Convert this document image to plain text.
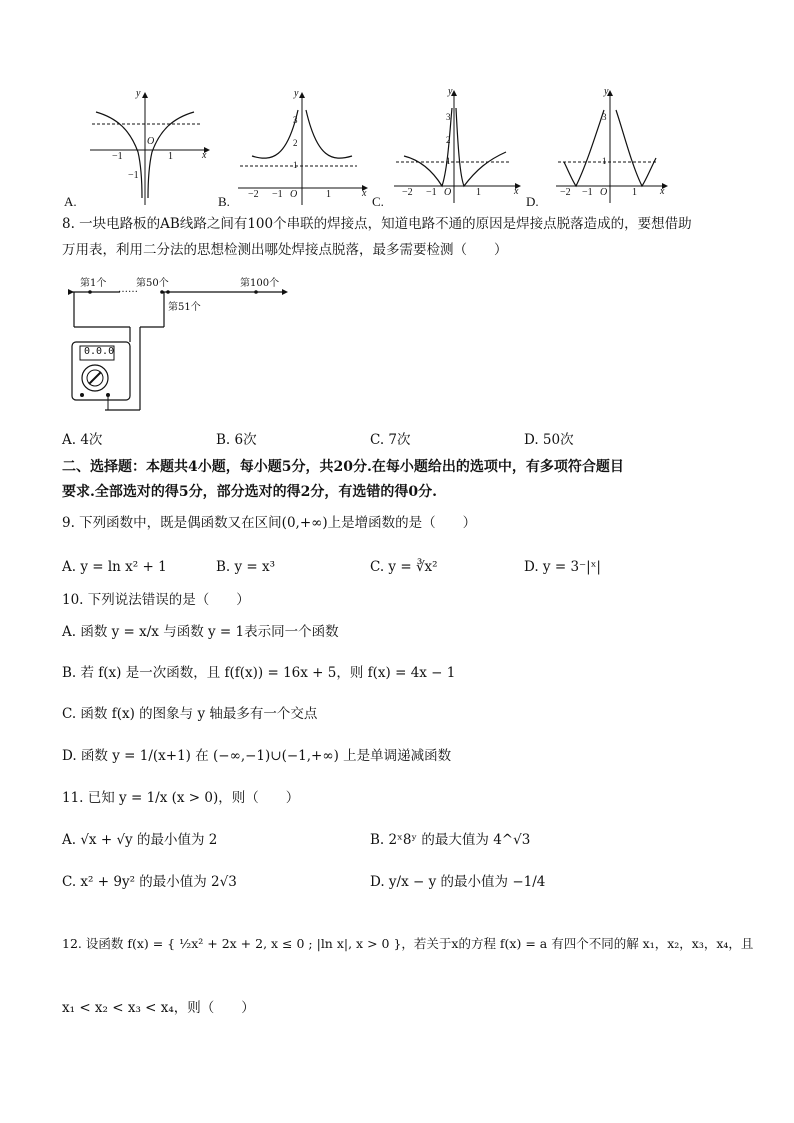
y
x
−1	1
−1
O
A.
y
x
3
2
1
−2 −1 O	1
B.
y
x
3
2
1
−2 −1 O 1
C.
y
x
3
1
−2 −1 O 1
D.
8. 一块电路板的AB线路之间有100个串联的焊接点，知道电路不通的原因是焊接点脱落造成的，要想借助
万用表，利用二分法的思想检测出哪处焊接点脱落，最多需要检测（　　）
第1个
……
第50个
第51个
第100个
0.0.0
A. 4次	B. 6次	C. 7次	D. 50次
二、选择题：本题共4小题，每小题5分，共20分.在每小题给出的选项中，有多项符合题目
要求.全部选对的得5分，部分选对的得2分，有选错的得0分.
9. 下列函数中，既是偶函数又在区间(0,+∞)上是增函数的是（　　）
A. y = ln x² + 1	B. y = x³	C. y = ∛x²	D. y = 3⁻|ˣ|
10. 下列说法错误的是（　　）
A. 函数 y = x/x 与函数 y = 1表示同一个函数
B. 若 f(x) 是一次函数，且 f(f(x)) = 16x + 5，则 f(x) = 4x − 1
C. 函数 f(x) 的图象与 y 轴最多有一个交点
D. 函数 y = 1/(x+1) 在 (−∞,−1)∪(−1,+∞) 上是单调递减函数
11. 已知 y = 1/x (x > 0)，则（　　）
A. √x + √y 的最小值为 2	B. 2ˣ8ʸ 的最大值为 4^√3
C. x² + 9y² 的最小值为 2√3	D. y/x − y 的最小值为 −1/4
12. 设函数 f(x) = { ½x² + 2x + 2, x ≤ 0 ; |ln x|, x > 0 }，若关于x的方程 f(x) = a 有四个不同的解 x₁，x₂，x₃，x₄，且
x₁ < x₂ < x₃ < x₄，则（　　）
